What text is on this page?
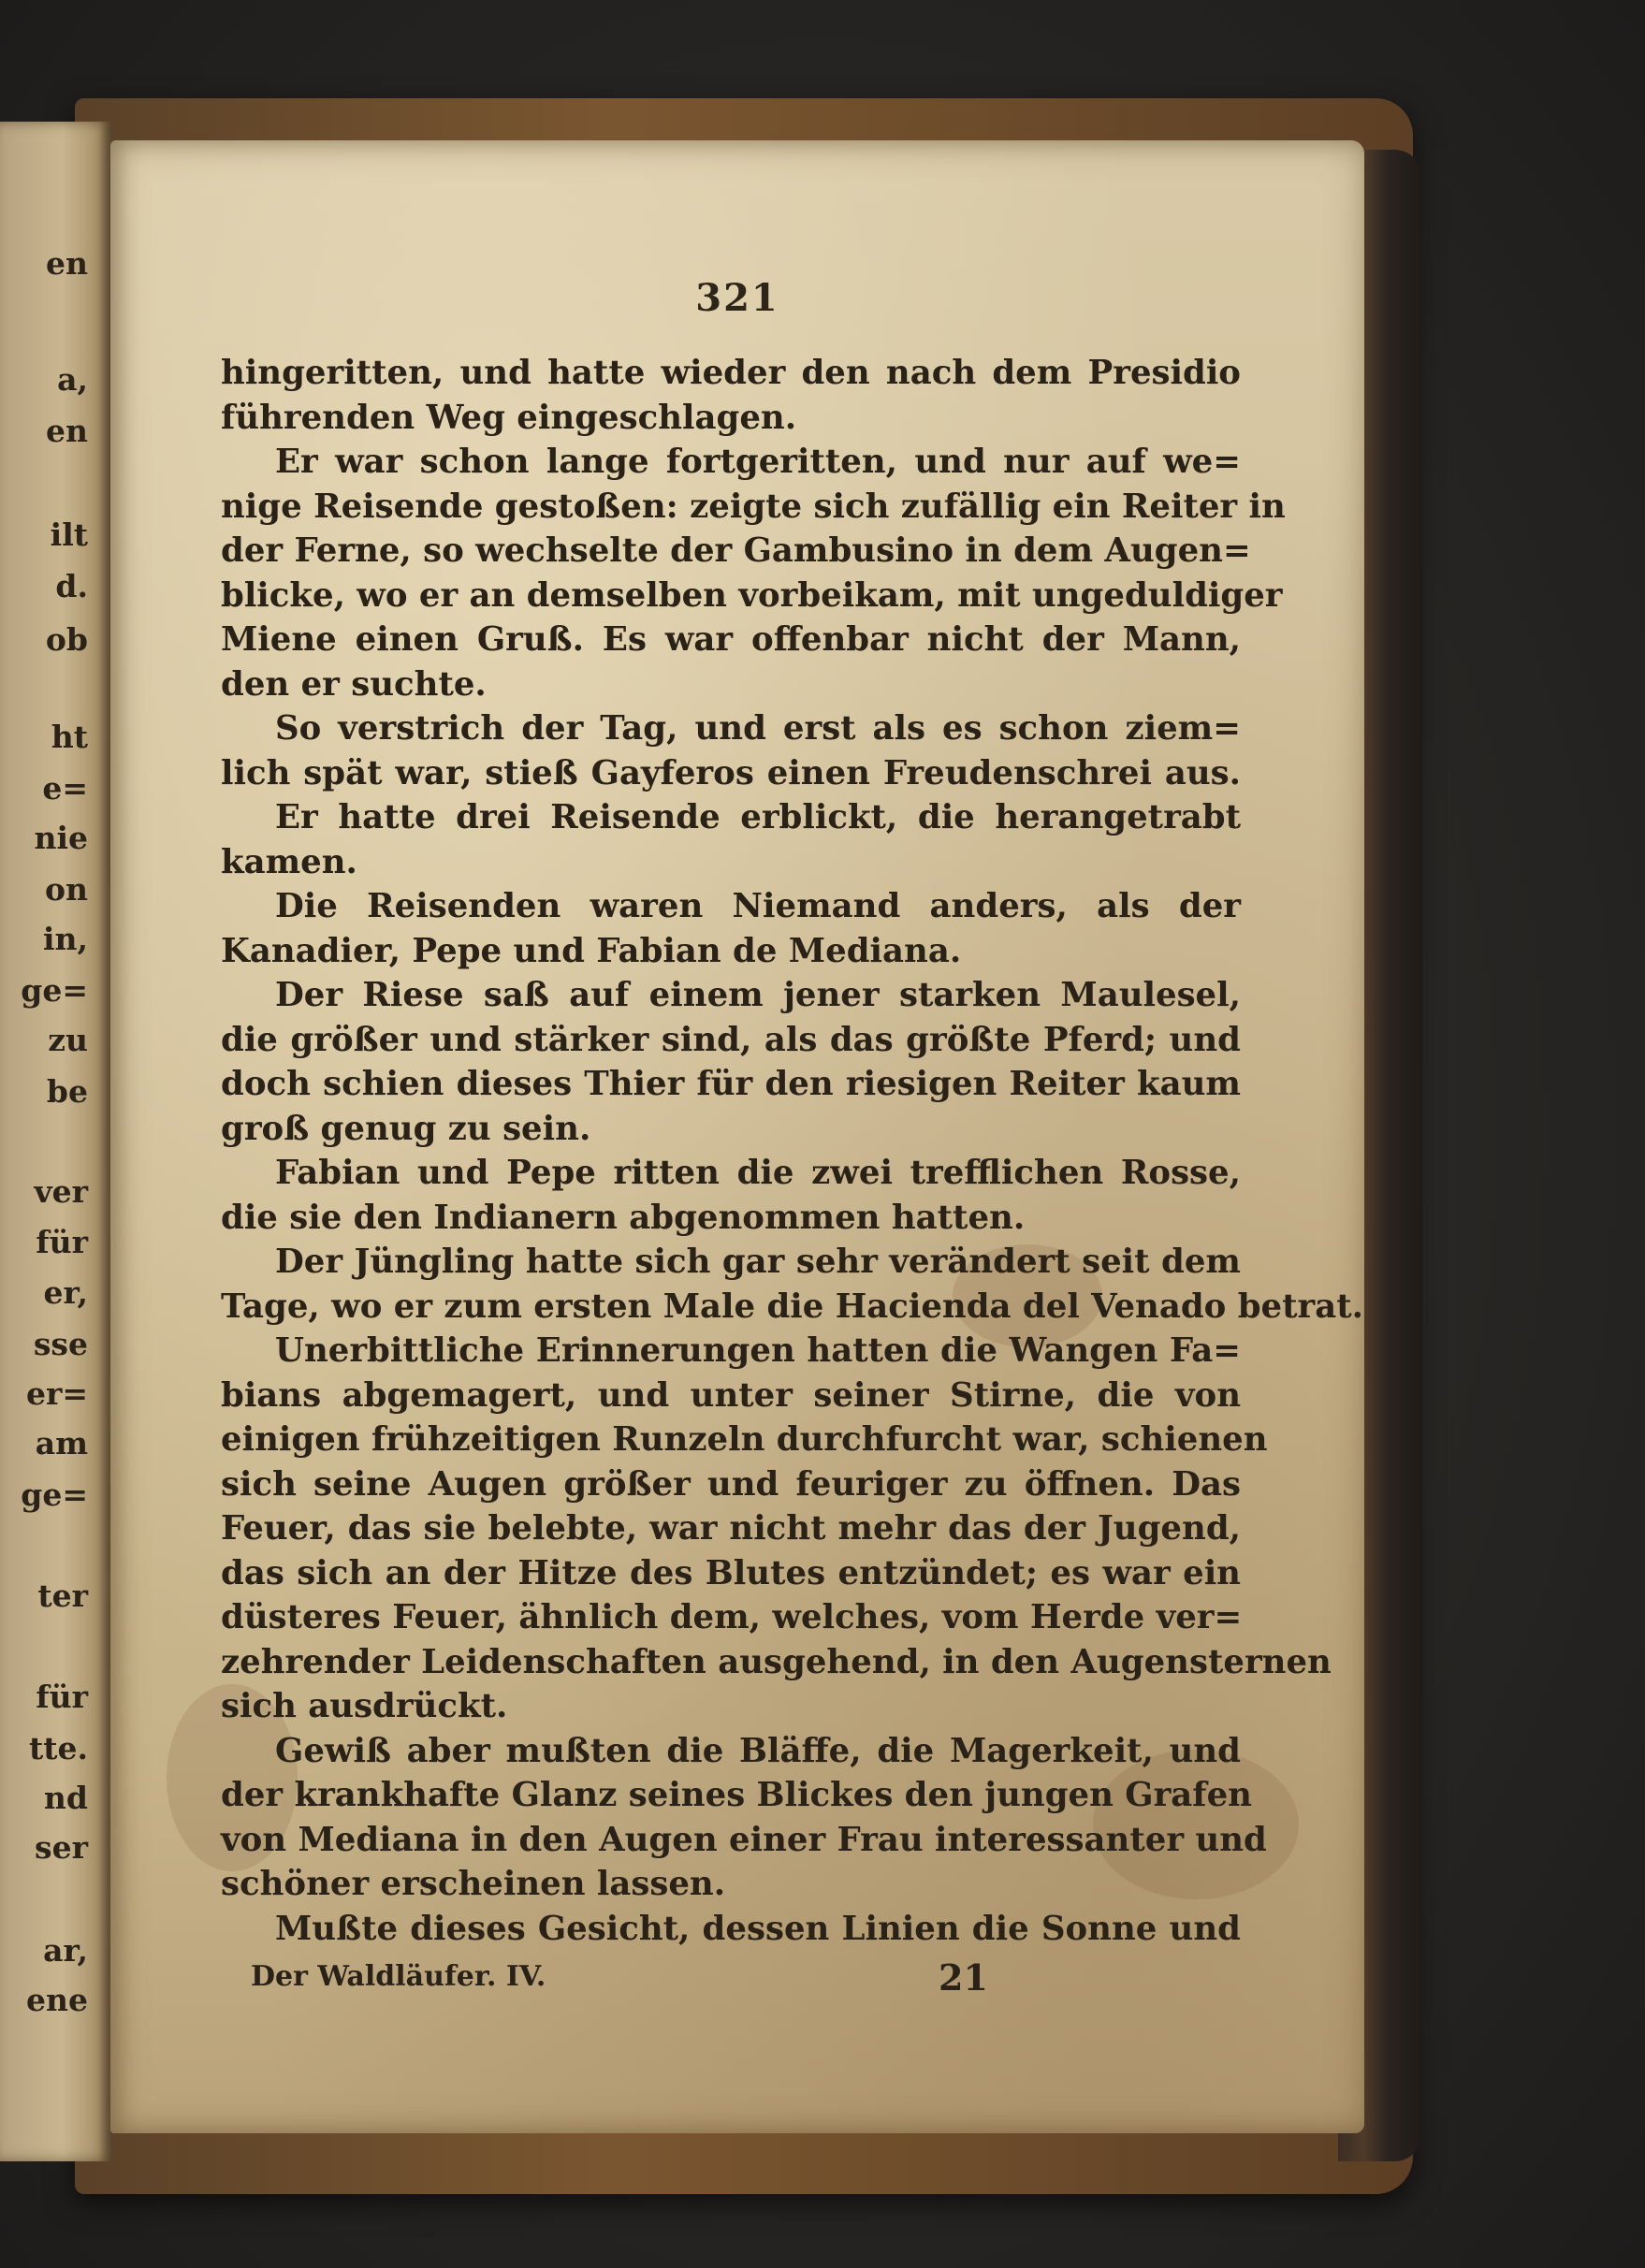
en
a,
en
ilt
d.
ob
ht
e=
nie
on
in,
ge=
zu
be
ver
für
er,
sse
er=
am
ge=
ter
für
tte.
nd
ser
ar,
ene
321
hingeritten, und hatte wieder den nach dem Presidio
führenden Weg eingeschlagen.
Er war schon lange fortgeritten, und nur auf we=
nige Reisende gestoßen: zeigte sich zufällig ein Reiter in
der Ferne, so wechselte der Gambusino in dem Augen=
blicke, wo er an demselben vorbeikam, mit ungeduldiger
Miene einen Gruß. Es war offenbar nicht der Mann,
den er suchte.
So verstrich der Tag, und erst als es schon ziem=
lich spät war, stieß Gayferos einen Freudenschrei aus.
Er hatte drei Reisende erblickt, die herangetrabt
kamen.
Die Reisenden waren Niemand anders, als der
Kanadier, Pepe und Fabian de Mediana.
Der Riese saß auf einem jener starken Maulesel,
die größer und stärker sind, als das größte Pferd; und
doch schien dieses Thier für den riesigen Reiter kaum
groß genug zu sein.
Fabian und Pepe ritten die zwei trefflichen Rosse,
die sie den Indianern abgenommen hatten.
Der Jüngling hatte sich gar sehr verändert seit dem
Tage, wo er zum ersten Male die Hacienda del Venado betrat.
Unerbittliche Erinnerungen hatten die Wangen Fa=
bians abgemagert, und unter seiner Stirne, die von
einigen frühzeitigen Runzeln durchfurcht war, schienen
sich seine Augen größer und feuriger zu öffnen. Das
Feuer, das sie belebte, war nicht mehr das der Jugend,
das sich an der Hitze des Blutes entzündet; es war ein
düsteres Feuer, ähnlich dem, welches, vom Herde ver=
zehrender Leidenschaften ausgehend, in den Augensternen
sich ausdrückt.
Gewiß aber mußten die Bläffe, die Magerkeit, und
der krankhafte Glanz seines Blickes den jungen Grafen
von Mediana in den Augen einer Frau interessanter und
schöner erscheinen lassen.
Mußte dieses Gesicht, dessen Linien die Sonne und
Der Waldläufer. IV.	21
